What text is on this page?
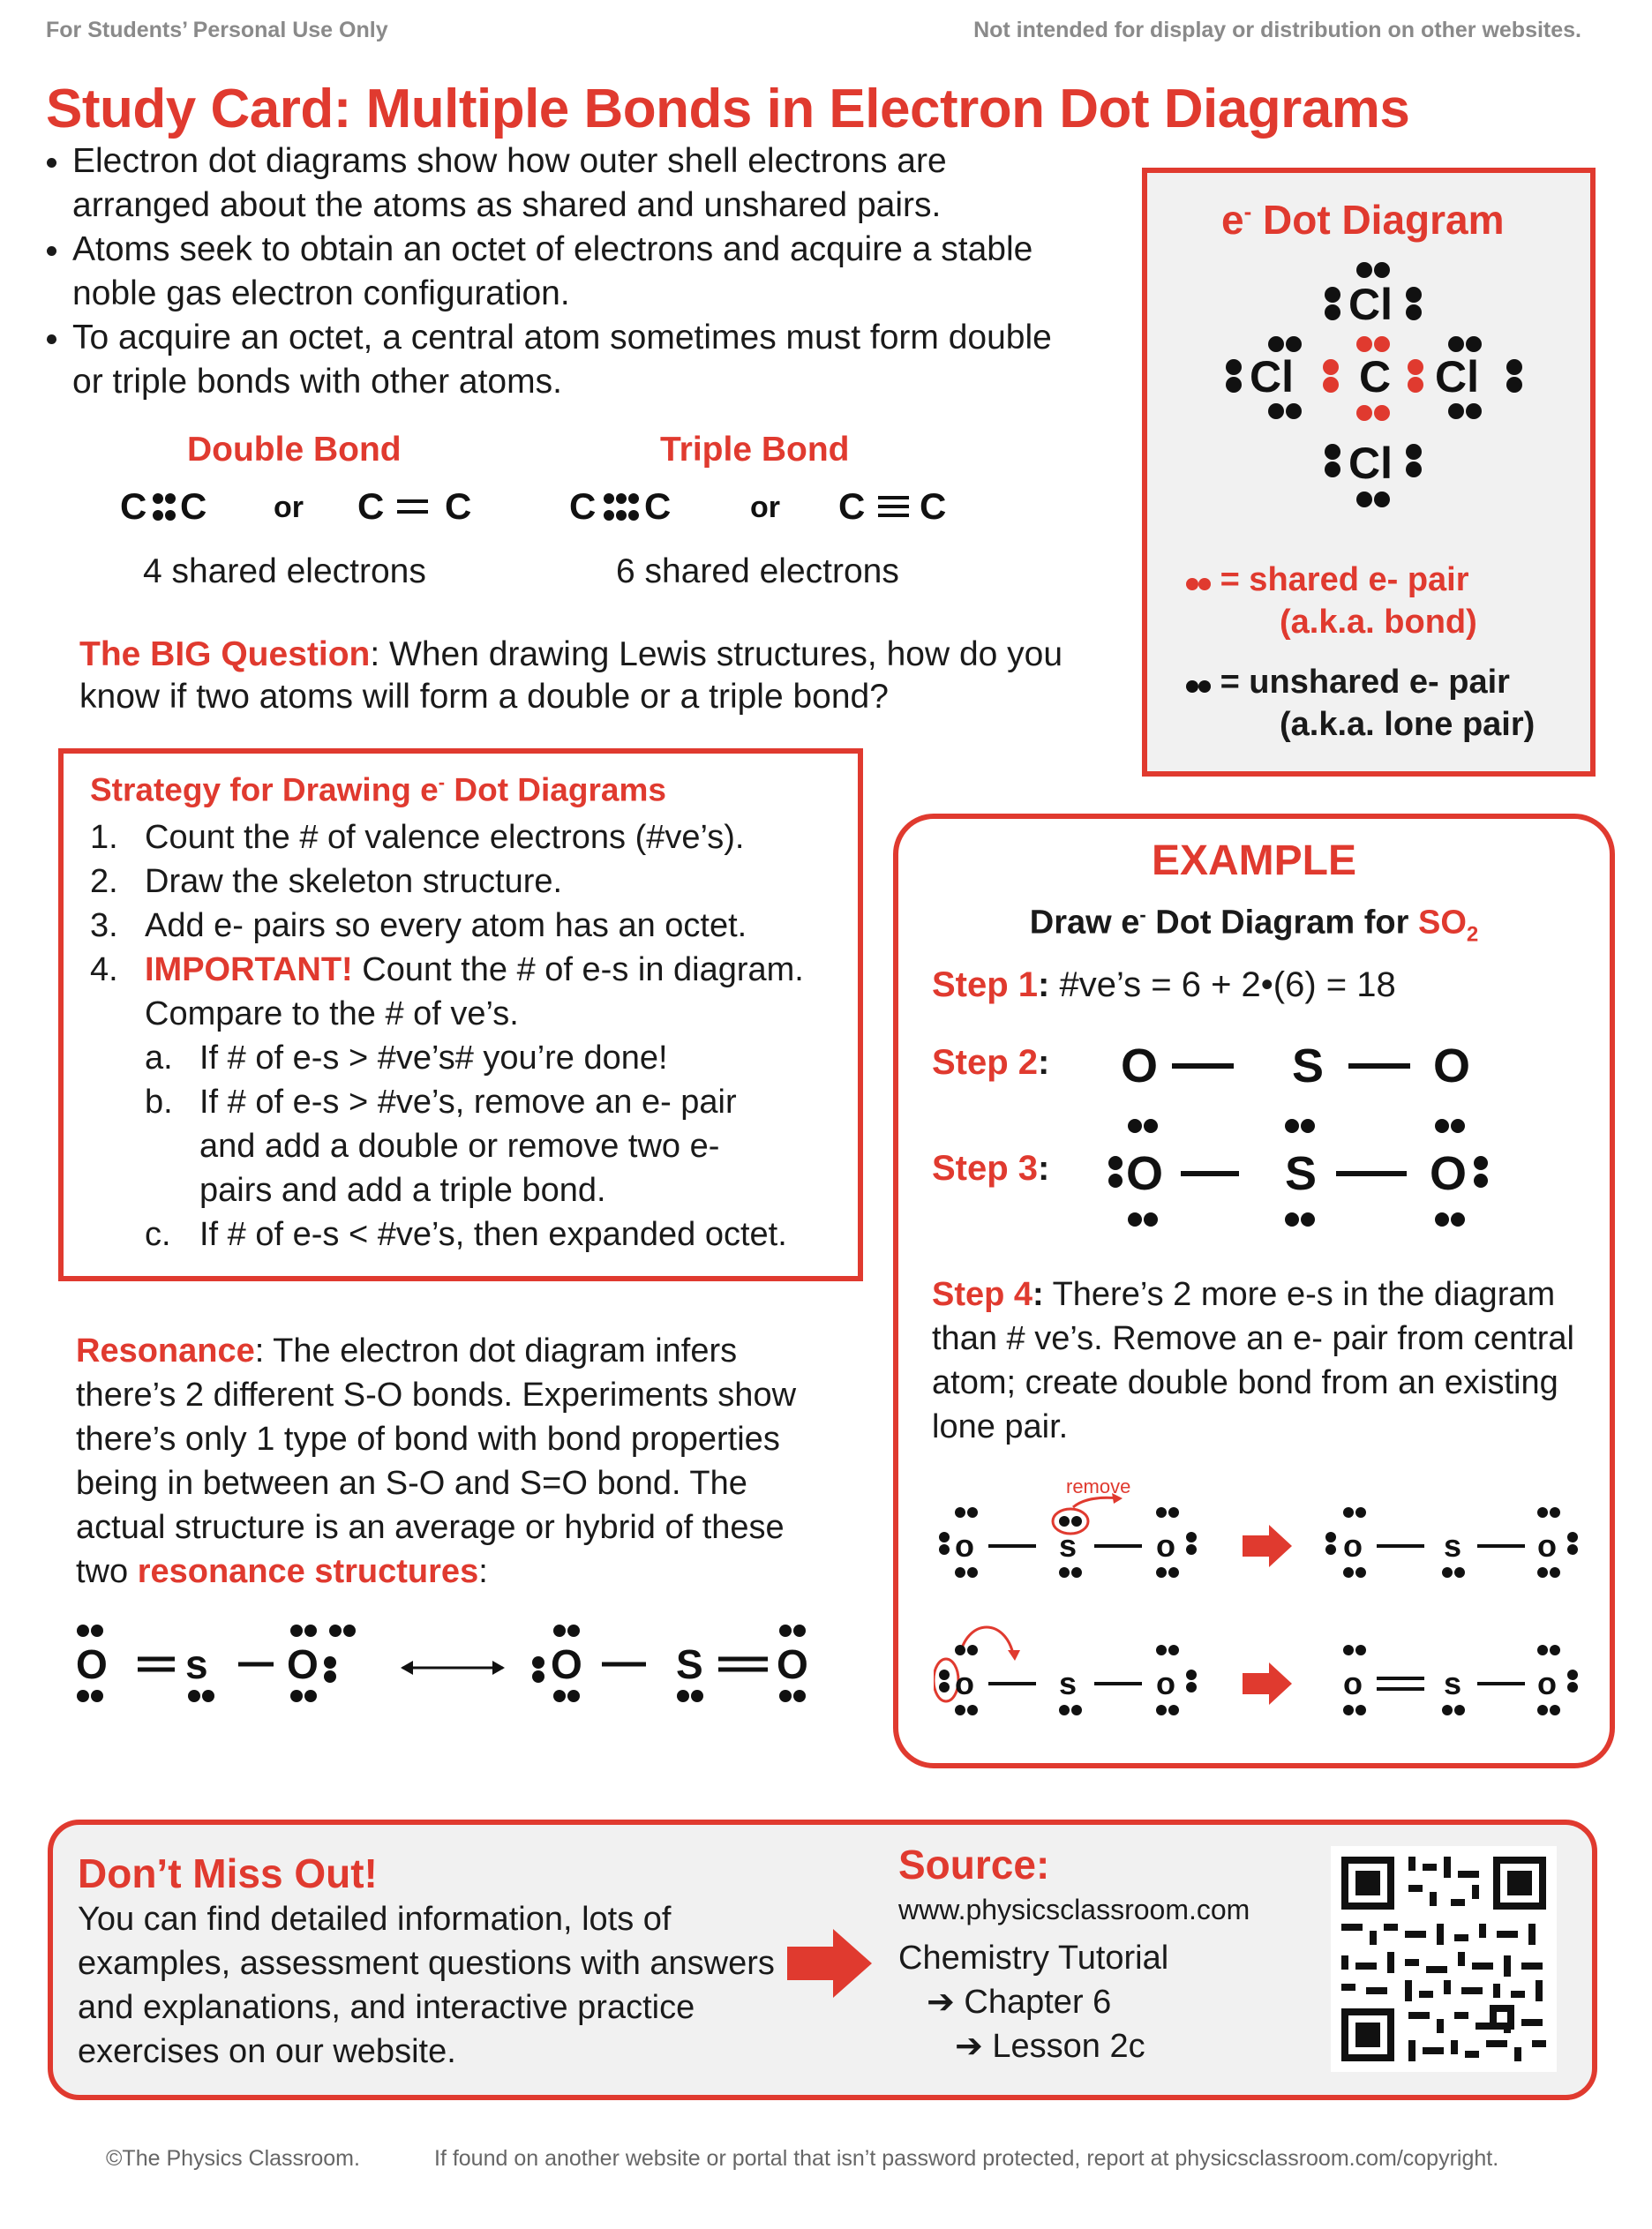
For Students’ Personal Use Only	Not intended for display or distribution on other websites.
Study Card: Multiple Bonds in Electron Dot Diagrams
• Electron dot diagrams show how outer shell electrons are arranged about the atoms as shared and unshared pairs.
• Atoms seek to obtain an octet of electrons and acquire a stable noble gas electron configuration.
• To acquire an octet, a central atom sometimes must form double or triple bonds with other atoms.
Double Bond	Triple Bond
C C or C C	C C	or C C
4 shared electrons	6 shared electrons
The BIG Question: When drawing Lewis structures, how do you know if two atoms will form a double or a triple bond?
e- Dot Diagram
Cl
Cl C Cl
Cl
= shared e- pair
(a.k.a. bond)
= unshared e- pair
(a.k.a. lone pair)
Strategy for Drawing e- Dot Diagrams
1. Count the # of valence electrons (#ve’s).
2. Draw the skeleton structure.
3. Add e- pairs so every atom has an octet.
4. IMPORTANT! Count the # of e-s in diagram. Compare to the # of ve’s.
a. If # of e-s > #ve’s# you’re done!
b. If # of e-s > #ve’s, remove an e- pair and add a double or remove two e- pairs and add a triple bond.
c. If # of e-s < #ve’s, then expanded octet.
Resonance: The electron dot diagram infers there’s 2 different S-O bonds. Experiments show there’s only 1 type of bond with bond properties being in between an S-O and S=O bond. The actual structure is an average or hybrid of these two resonance structures:
O s O	O S O
EXAMPLE
Draw e- Dot Diagram for $SO_2$
Step 1: #ve’s = 6 + 2•(6) = 18
Step 2: O	S O
Step 3: O	S O
Step 4: There’s 2 more e-s in the diagram than # ve’s. Remove an e- pair from central atom; create double bond from an existing lone pair.
remove
o	s o	o	s o
o	s o	o	s o
Don’t Miss Out!
You can find detailed information, lots of examples, assessment questions with answers and explanations, and interactive practice exercises on our website.
Source:
www.physicsclassroom.com
Chemistry Tutorial
➔ Chapter 6
➔ Lesson 2c
©The Physics Classroom.	If found on another website or portal that isn’t password protected, report at physicsclassroom.com/copyright.
